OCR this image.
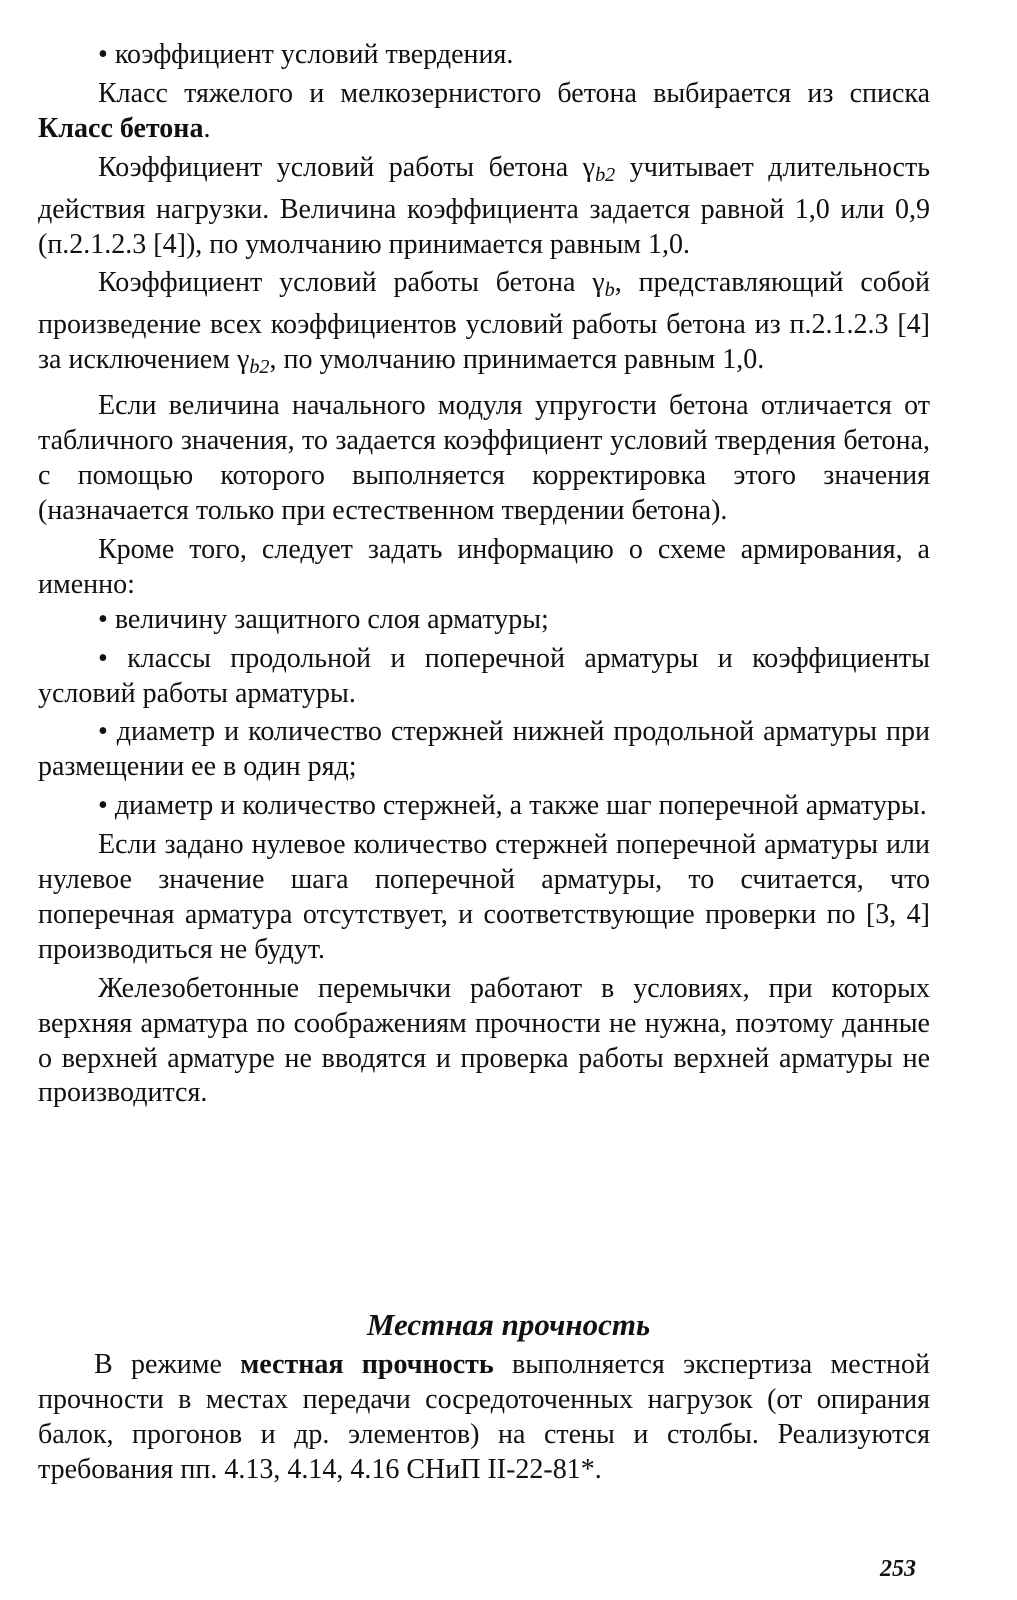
• коэффициент условий твердения.

Класс тяжелого и мелкозернистого бетона выбирается из списка Класс бетона.

Коэффициент условий работы бетона $\gamma_{b2}$ учитывает длительность действия нагрузки. Величина коэффициента задается равной 1,0 или 0,9 (п.2.1.2.3 [4]), по умолчанию принимается равным 1,0.

Коэффициент условий работы бетона $\gamma_b$, представляющий собой произведение всех коэффициентов условий работы бетона из п.2.1.2.3 [4] за исключением $\gamma_{b2}$, по умолчанию принимается равным 1,0.

Если величина начального модуля упругости бетона отличается от табличного значения, то задается коэффициент условий твердения бетона, с помощью которого выполняется корректировка этого значения (назначается только при естественном твердении бетона).

Кроме того, следует задать информацию о схеме армирования, а именно:

• величину защитного слоя арматуры;

• классы продольной и поперечной арматуры и коэффициенты условий работы арматуры.

• диаметр и количество стержней нижней продольной арматуры при размещении ее в один ряд;

• диаметр и количество стержней, а также шаг поперечной арматуры.

Если задано нулевое количество стержней поперечной арматуры или нулевое значение шага поперечной арматуры, то считается, что поперечная арматура отсутствует, и соответствующие проверки по [3, 4] производиться не будут.

Железобетонные перемычки работают в условиях, при которых верхняя арматура по соображениям прочности не нужна, поэтому данные о верхней арматуре не вводятся и проверка работы верхней арматуры не производится.

Местная прочность

В режиме местная прочность выполняется экспертиза местной прочности в местах передачи сосредоточенных нагрузок (от опирания балок, прогонов и др. элементов) на стены и столбы. Реализуются требования пп. 4.13, 4.14, 4.16 СНиП II-22-81*.

253
